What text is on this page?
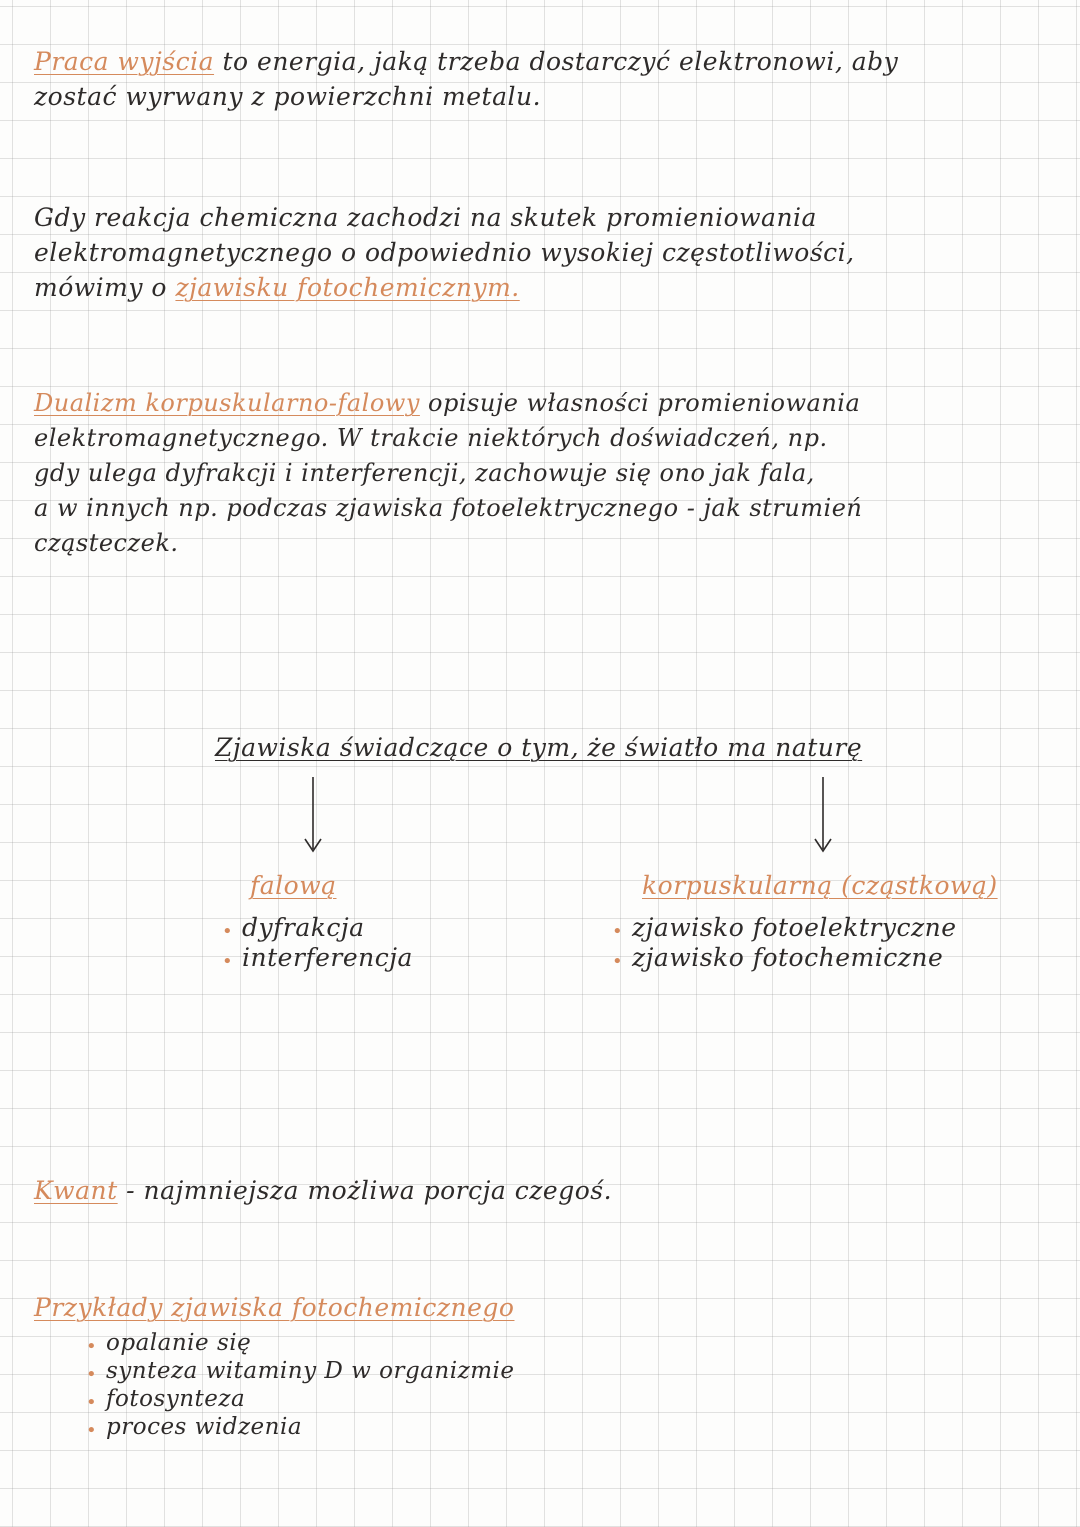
Praca wyjścia to energia, jaką trzeba dostarczyć elektronowi, aby
zostać wyrwany z powierzchni metalu.
Gdy reakcja chemiczna zachodzi na skutek promieniowania
elektromagnetycznego o odpowiednio wysokiej częstotliwości,
mówimy o zjawisku fotochemicznym.
Dualizm korpuskularno-falowy opisuje własności promieniowania
elektromagnetycznego. W trakcie niektórych doświadczeń, np.
gdy ulega dyfrakcji i interferencji, zachowuje się ono jak fala,
a w innych np. podczas zjawiska fotoelektrycznego - jak strumień
cząsteczek.
Zjawiska świadczące o tym, że światło ma naturę
falową
• dyfrakcja
• interferencja
korpuskularną (cząstkową)
• zjawisko fotoelektryczne
• zjawisko fotochemiczne
Kwant - najmniejsza możliwa porcja czegoś.
Przykłady zjawiska fotochemicznego
• opalanie się
• synteza witaminy D w organizmie
• fotosynteza
• proces widzenia
